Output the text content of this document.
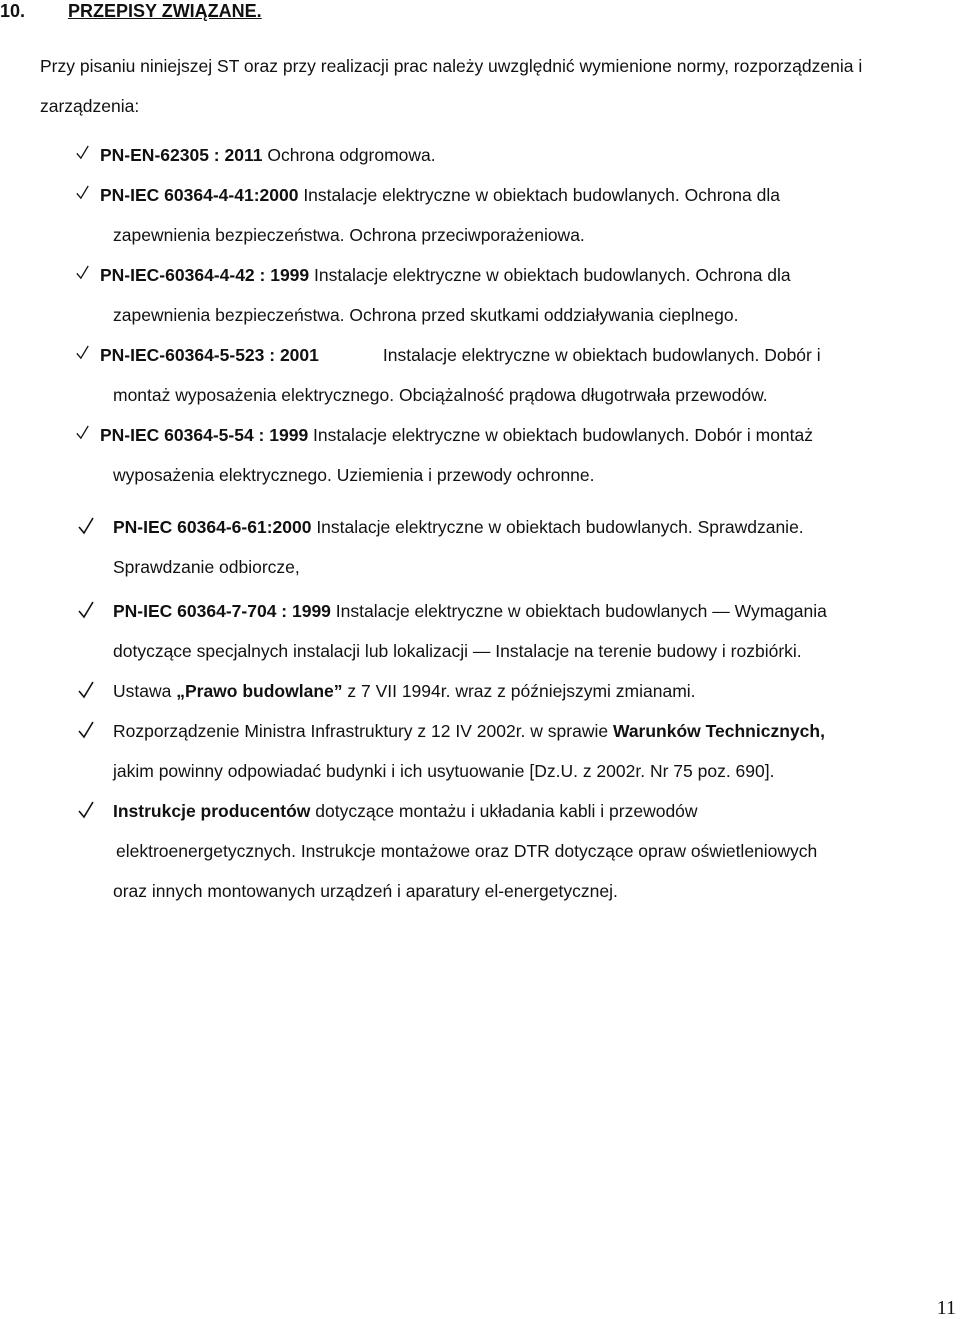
10. PRZEPISY ZWIĄZANE.

Przy pisaniu niniejszej ST oraz przy realizacji prac należy uwzględnić wymienione normy, rozporządzenia i zarządzenia:

PN-EN-62305 : 2011 Ochrona odgromowa.
PN-IEC 60364-4-41:2000 Instalacje elektryczne w obiektach budowlanych. Ochrona dla
zapewnienia bezpieczeństwa. Ochrona przeciwporażeniowa.
PN-IEC-60364-4-42 : 1999 Instalacje elektryczne w obiektach budowlanych. Ochrona dla
zapewnienia bezpieczeństwa. Ochrona przed skutkami oddziaływania cieplnego.
PN-IEC-60364-5-523 : 2001	Instalacje elektryczne w obiektach budowlanych. Dobór i
montaż wyposażenia elektrycznego. Obciążalność prądowa długotrwała przewodów.
PN-IEC 60364-5-54 : 1999 Instalacje elektryczne w obiektach budowlanych. Dobór i montaż
wyposażenia elektrycznego. Uziemienia i przewody ochronne.
PN-IEC 60364-6-61:2000 Instalacje elektryczne w obiektach budowlanych. Sprawdzanie.
Sprawdzanie odbiorcze,
PN-IEC 60364-7-704 : 1999 Instalacje elektryczne w obiektach budowlanych — Wymagania
dotyczące specjalnych instalacji lub lokalizacji — Instalacje na terenie budowy i rozbiórki.
Ustawa „Prawo budowlane” z 7 VII 1994r. wraz z późniejszymi zmianami.
Rozporządzenie Ministra Infrastruktury z 12 IV 2002r. w sprawie Warunków Technicznych,
jakim powinny odpowiadać budynki i ich usytuowanie [Dz.U. z 2002r. Nr 75 poz. 690].
Instrukcje producentów dotyczące montażu i układania kabli i przewodów
elektroenergetycznych. Instrukcje montażowe oraz DTR dotyczące opraw oświetleniowych
oraz innych montowanych urządzeń i aparatury el-energetycznej.
11
